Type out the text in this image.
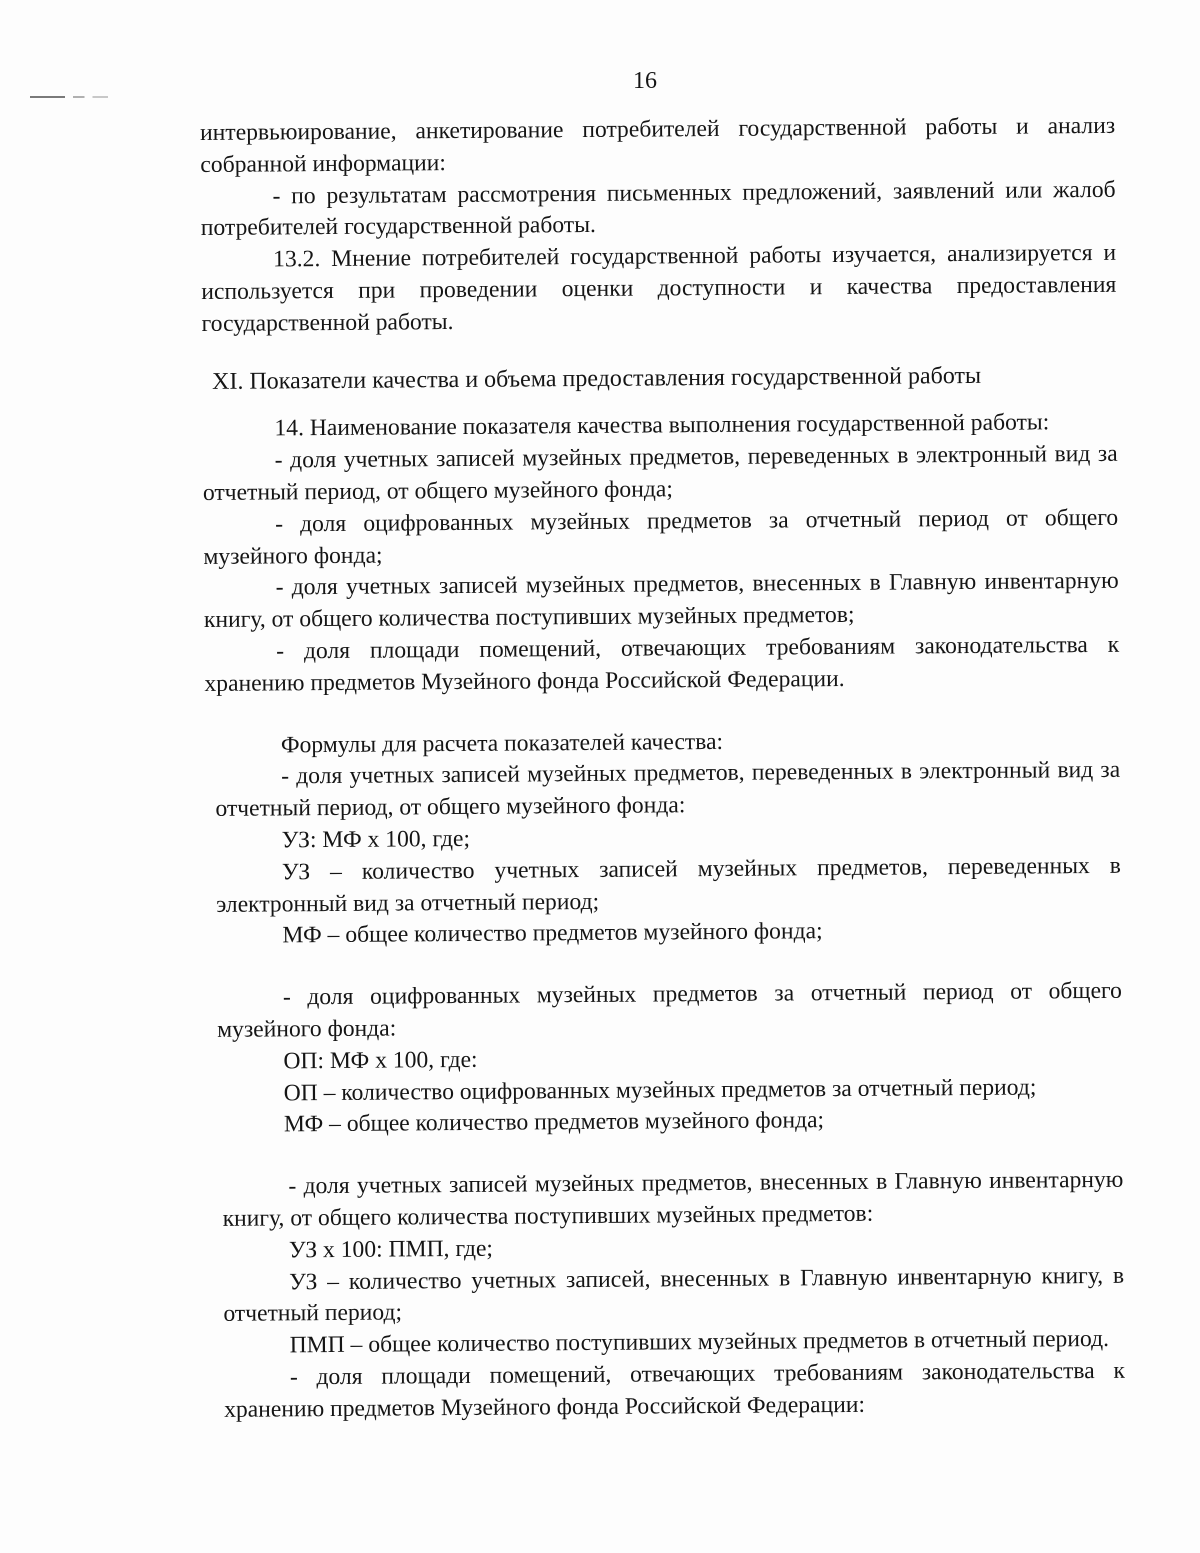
16

интервьюирование, анкетирование потребителей государственной работы и анализ собранной информации:

- по результатам рассмотрения письменных предложений, заявлений или жалоб потребителей государственной работы.

13.2. Мнение потребителей государственной работы изучается, анализируется и используется при проведении оценки доступности и качества предоставления государственной работы.

XI. Показатели качества и объема предоставления государственной работы

14. Наименование показателя качества выполнения государственной работы:

- доля учетных записей музейных предметов, переведенных в электронный вид за отчетный период, от общего музейного фонда;

- доля оцифрованных музейных предметов за отчетный период от общего музейного фонда;

- доля учетных записей музейных предметов, внесенных в Главную инвентарную книгу, от общего количества поступивших музейных предметов;

- доля площади помещений, отвечающих требованиям законодательства к хранению предметов Музейного фонда Российской Федерации.

Формулы для расчета показателей качества:

- доля учетных записей музейных предметов, переведенных в электронный вид за отчетный период, от общего музейного фонда:

УЗ: МФ х 100, где;

УЗ – количество учетных записей музейных предметов, переведенных в электронный вид за отчетный период;

МФ – общее количество предметов музейного фонда;

- доля оцифрованных музейных предметов за отчетный период от общего музейного фонда:

ОП: МФ х 100, где:

ОП – количество оцифрованных музейных предметов за отчетный период;

МФ – общее количество предметов музейного фонда;

- доля учетных записей музейных предметов, внесенных в Главную инвентарную книгу, от общего количества поступивших музейных предметов:

УЗ х 100: ПМП, где;

УЗ – количество учетных записей, внесенных в Главную инвентарную книгу, в отчетный период;

ПМП – общее количество поступивших музейных предметов в отчетный период.

- доля площади помещений, отвечающих требованиям законодательства к хранению предметов Музейного фонда Российской Федерации:
